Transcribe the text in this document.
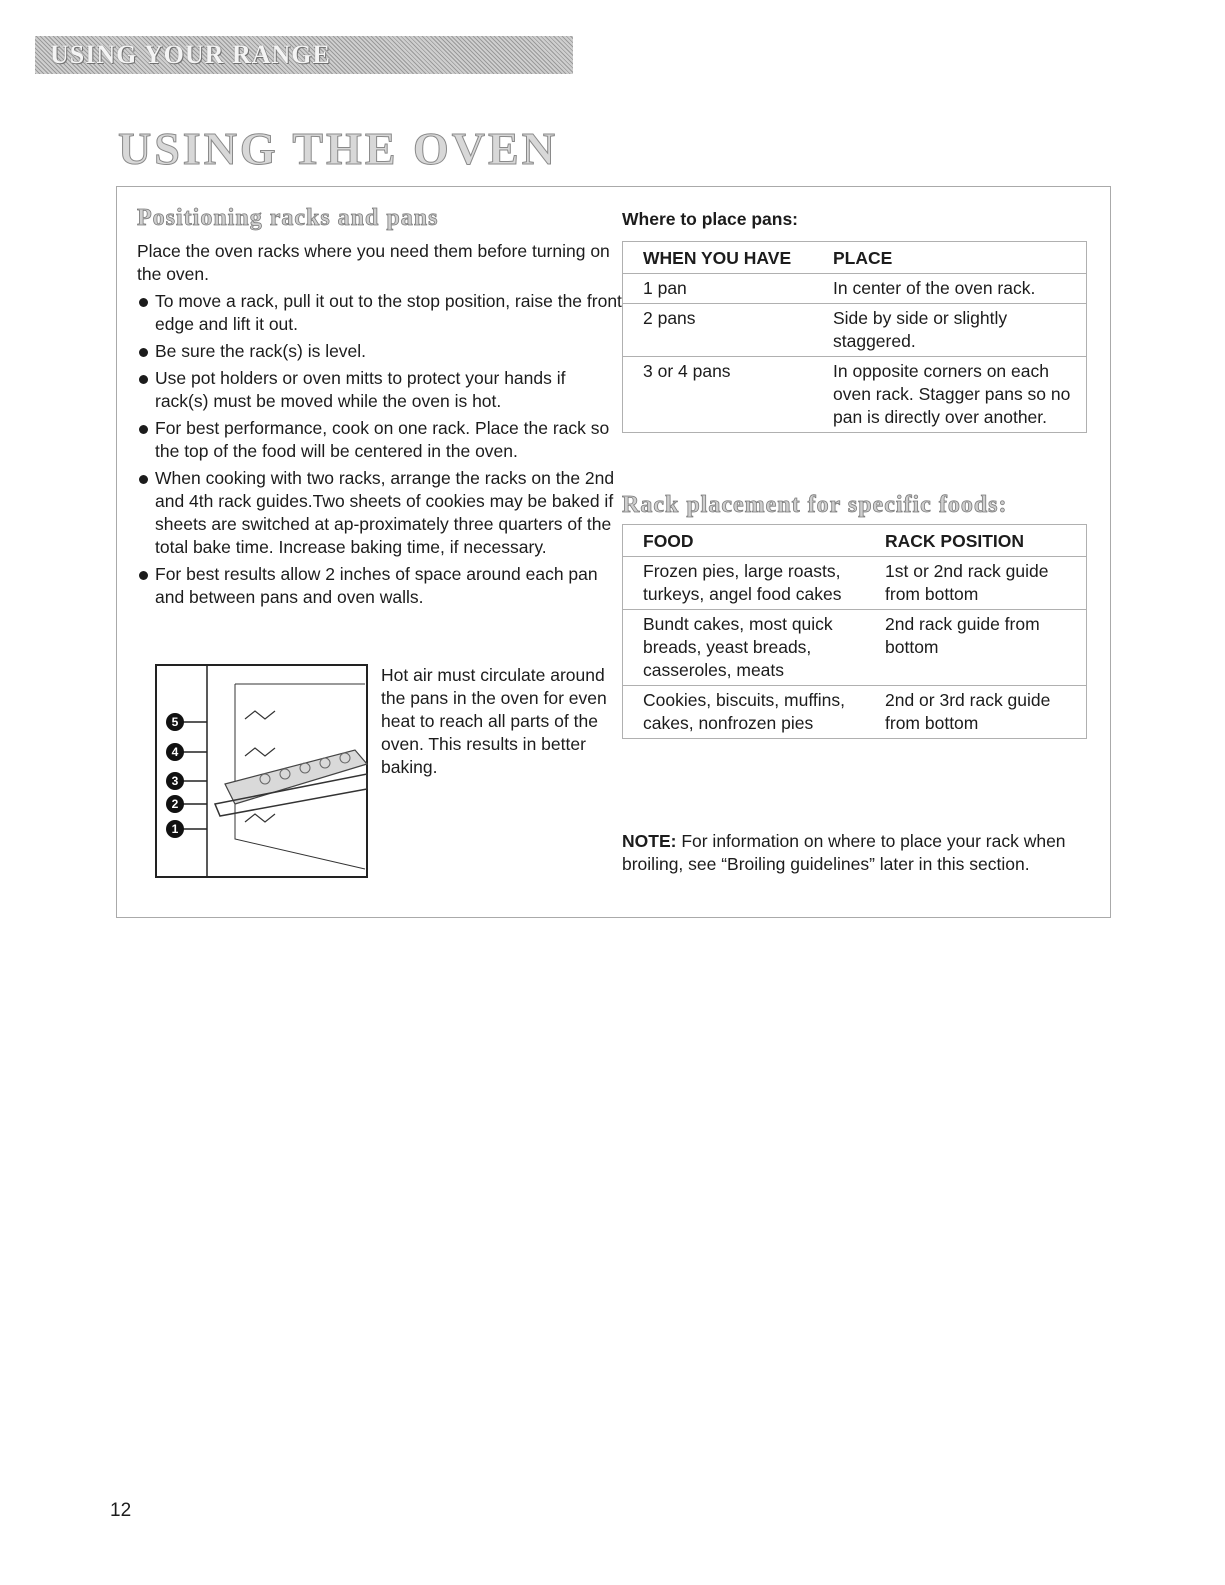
USING YOUR RANGE
USING THE OVEN
Positioning racks and pans

Place the oven racks where you need them before turning on the oven.

To move a rack, pull it out to the stop position, raise the front edge and lift it out.
Be sure the rack(s) is level.
Use pot holders or oven mitts to protect your hands if rack(s) must be moved while the oven is hot.
For best performance, cook on one rack. Place the rack so the top of the food will be centered in the oven.
When cooking with two racks, arrange the racks on the 2nd and 4th rack guides.Two sheets of cookies may be baked if sheets are switched at ap-proximately three quarters of the total bake time. Increase baking time, if necessary.
For best results allow 2 inches of space around each pan and between pans and oven walls.
5
4
3
2
1
Hot air must circulate around the pans in the oven for even heat to reach all parts of the oven. This results in better baking.
Where to place pans:
WHEN YOU HAVE	PLACE
1 pan	In center of the oven rack.
2 pans	Side by side or slightly staggered.
3 or 4 pans	In opposite corners on each oven rack. Stagger pans so no pan is directly over another.
Rack placement for specific foods:
FOOD	RACK POSITION
Frozen pies, large roasts, turkeys, angel food cakes	1st or 2nd rack guide from bottom
Bundt cakes, most quick breads, yeast breads, casseroles, meats	2nd rack guide from bottom
Cookies, biscuits, muffins, cakes, nonfrozen pies	2nd or 3rd rack guide from bottom
NOTE: For information on where to place your rack when broiling, see “Broiling guidelines” later in this section.
12
